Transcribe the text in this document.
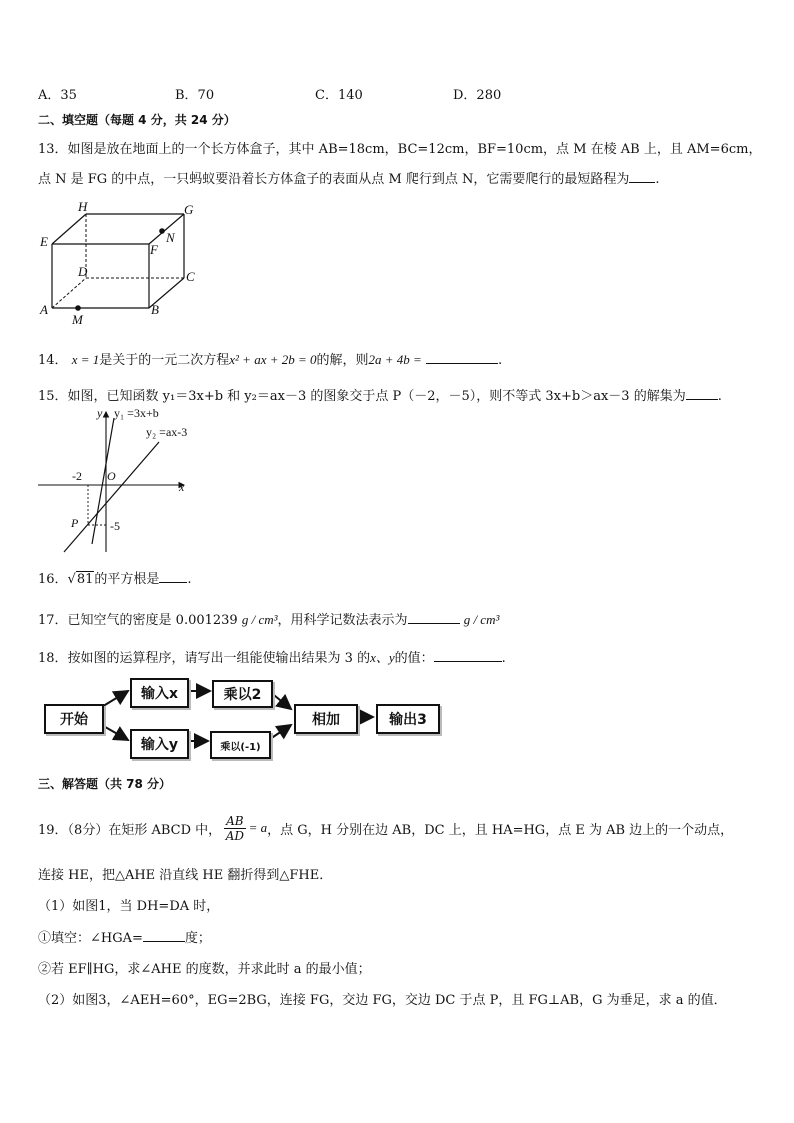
A．35	B．70	C．140	D．280
二、填空题（每题 4 分，共 24 分）
13．如图是放在地面上的一个长方体盒子，其中 AB=18cm，BC=12cm，BF=10cm，点 M 在棱 AB 上，且 AM=6cm，
点 N 是 FG 的中点，一只蚂蚁要沿着长方体盒子的表面从点 M 爬行到点 N，它需要爬行的最短路程为 .
H	G
E	N
F
D	C
A
M
B
14． x = 1是关于的一元二次方程x² + ax + 2b = 0的解，则2a + 4b =	.
15．如图，已知函数 y₁＝3x+b 和 y₂＝ax－3 的图象交于点 P（－2，－5），则不等式 3x+b＞ax－3 的解集为 .
y y₁ =3x+b
y₂ =ax-3
-2 O
x
P	-5
16．√81的平方根是 .
17．已知空气的密度是 0.001239 g / cm³，用科学记数法表示为	g / cm³
18．按如图的运算程序，请写出一组能使输出结果为 3 的x、y的值：	.
开始
输入x	乘以2
输入y	乘以(-1)
相加	输出3
三、解答题（共 78 分）
19．（8分）在矩形 ABCD 中， $\frac{AB}{AD} = a$ ，点 G，H 分别在边 AB，DC 上，且 HA=HG，点 E 为 AB 边上的一个动点，
连接 HE，把△AHE 沿直线 HE 翻折得到△FHE．
（1）如图1，当 DH=DA 时，
①填空：∠HGA=	度；
②若 EF∥HG，求∠AHE 的度数，并求此时 a 的最小值；
（2）如图3，∠AEH=60°，EG=2BG，连接 FG，交边 FG，交边 DC 于点 P，且 FG⊥AB，G 为垂足，求 a 的值．
